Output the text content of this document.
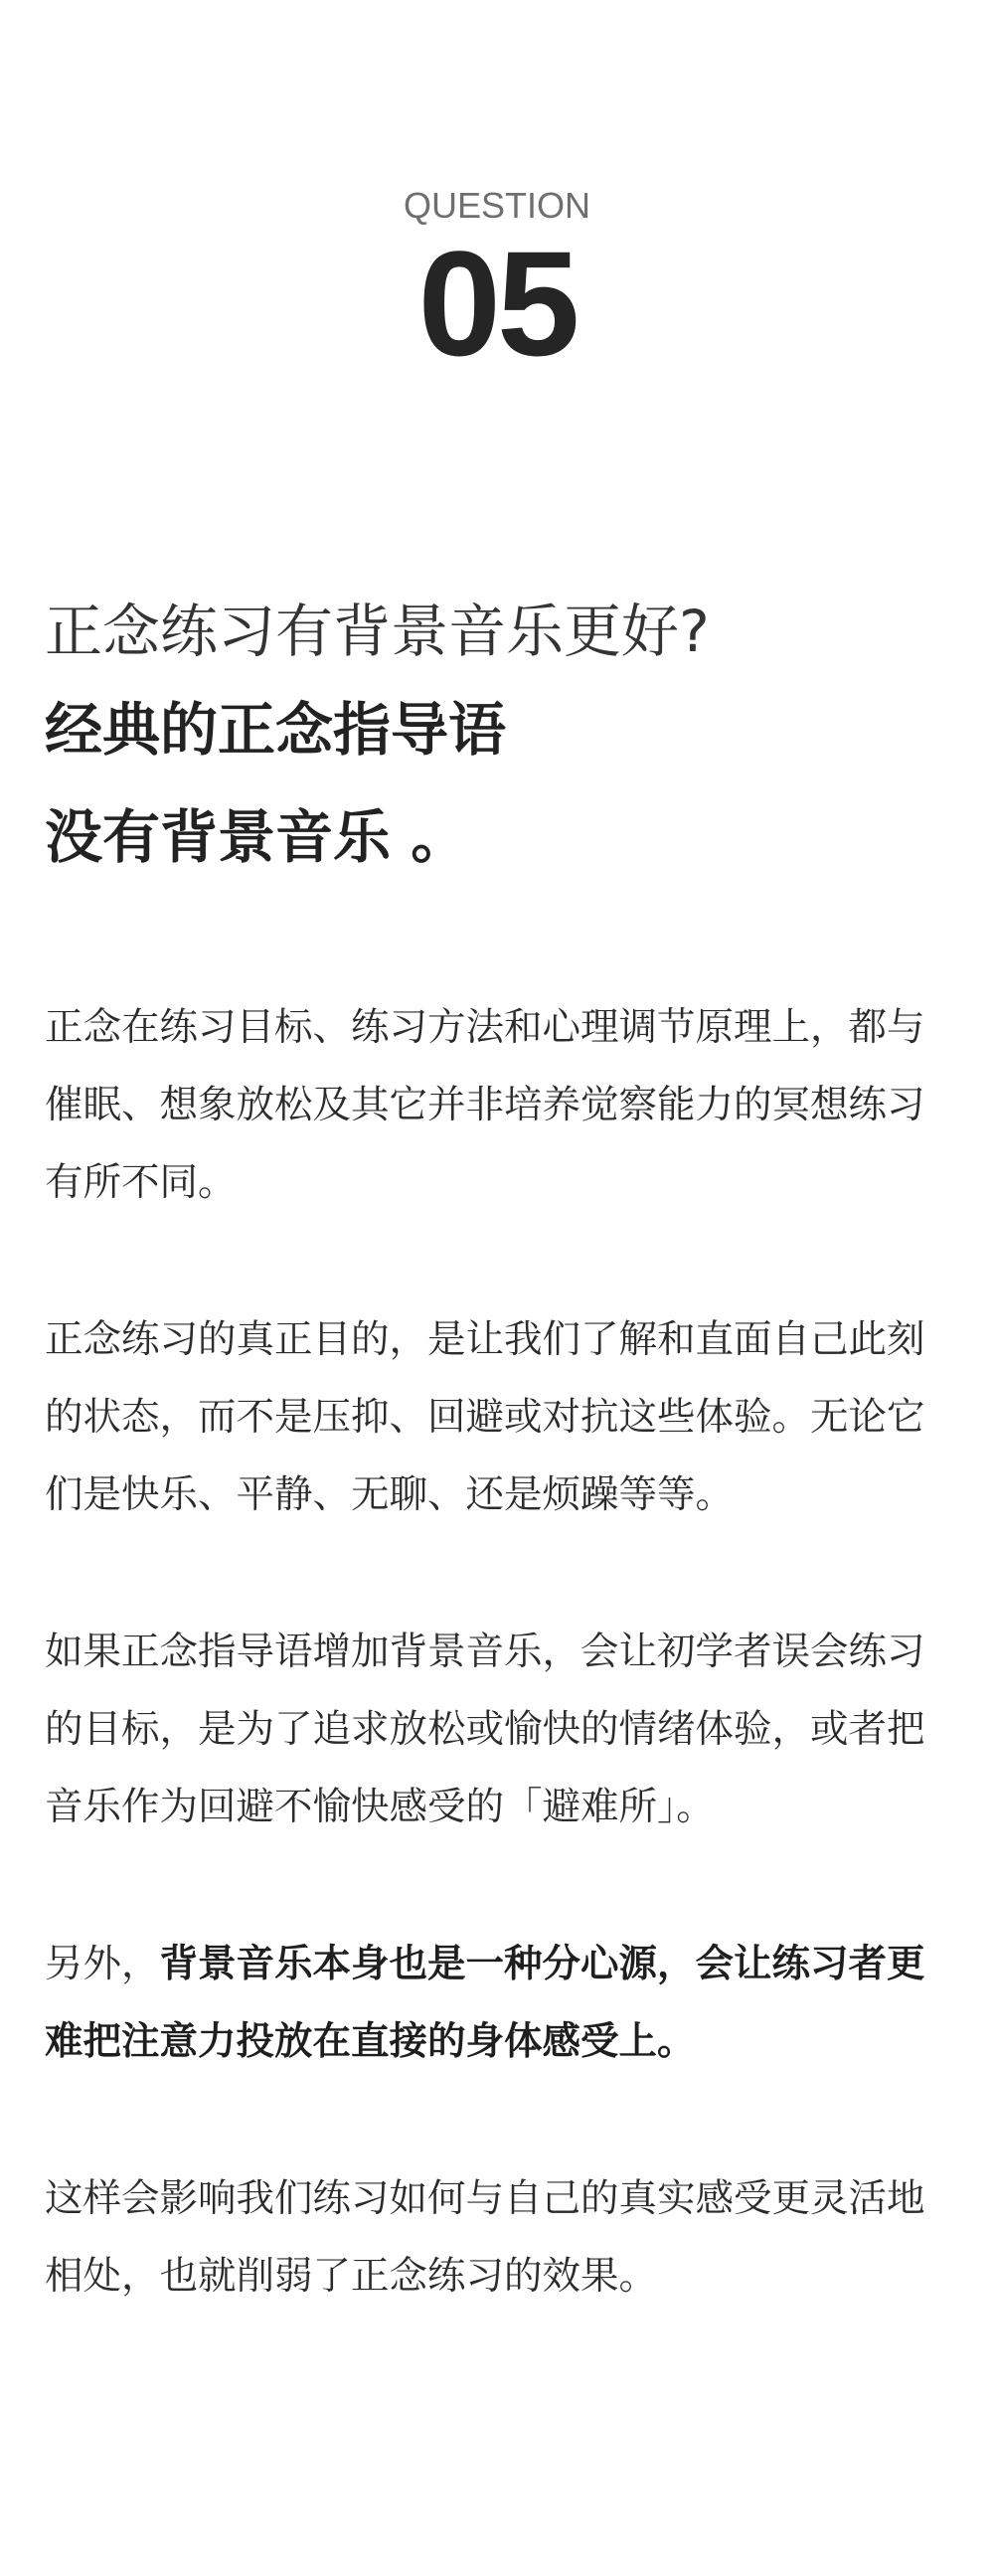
QUESTION
05

正念练习有背景音乐更好?

经典的正念指导语

没有背景音乐 。

正念在练习目标、练习方法和心理调节原理上，都与催眠、想象放松及其它并非培养觉察能力的冥想练习有所不同。

正念练习的真正目的，是让我们了解和直面自己此刻的状态，而不是压抑、回避或对抗这些体验。无论它们是快乐、平静、无聊、还是烦躁等等。

如果正念指导语增加背景音乐，会让初学者误会练习的目标，是为了追求放松或愉快的情绪体验，或者把音乐作为回避不愉快感受的「避难所」。

另外，背景音乐本身也是一种分心源，会让练习者更难把注意力投放在直接的身体感受上。

这样会影响我们练习如何与自己的真实感受更灵活地相处，也就削弱了正念练习的效果。
